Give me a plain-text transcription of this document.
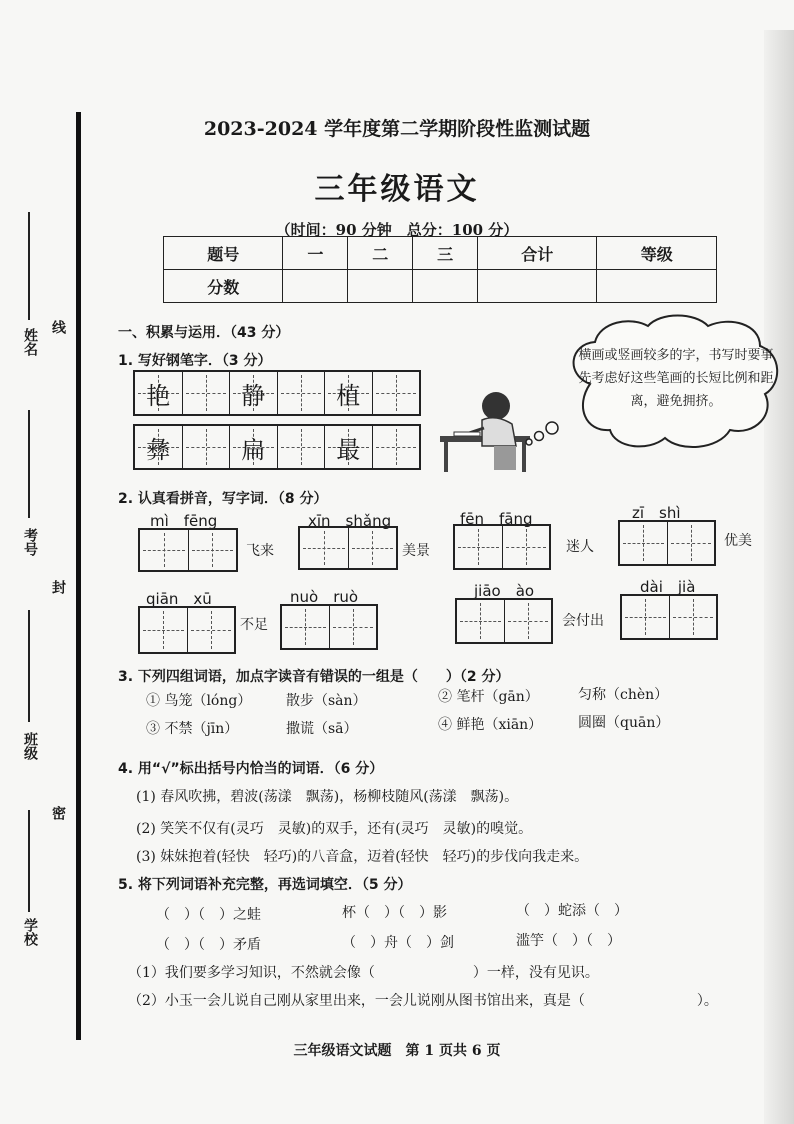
姓名
线
考号
封
班级
密
学校
2023-2024 学年度第二学期阶段性监测试题
三年级语文
（时间：90 分钟　总分：100 分）
题号	一	二	三	合计	等级
分数					
一、积累与运用．（43 分）
1. 写好钢笔字．（3 分）
艳	静	植
彝	扁	最
横画或竖画较多的字，书写时要事先考虑好这些笔画的长短比例和距离，避免拥挤。
2. 认真看拼音，写字词．（8 分）
mì　fēng
飞来
xīn　shǎng
美景
fēn　fāng
迷人
zī　shì
优美
qiān　xū
不足
nuò　ruò	jiāo　ào
会付出
dài　jià
3. 下列四组词语，加点字读音有错误的一组是（　　）（2 分）
① 鸟笼（lóng） 散步（sàn）	② 笔杆（gān）	匀称（chèn）
③ 不禁（jīn）	撒谎（sā）	④ 鲜艳（xiān）	圆圈（quān）
4. 用“√”标出括号内恰当的词语．（6 分）
(1) 春风吹拂，碧波(荡漾　飘荡)，杨柳枝随风(荡漾　飘荡)。
(2) 笑笑不仅有(灵巧　灵敏)的双手，还有(灵巧　灵敏)的嗅觉。
(3) 妹妹抱着(轻快　轻巧)的八音盒，迈着(轻快　轻巧)的步伐向我走来。
5. 将下列词语补充完整，再选词填空．（5 分）
（　）（　）之蛙	杯（　）（　）影	（　）蛇添（　）
（　）（　）矛盾	（　）舟（　）剑	滥竽（　）（　）
（1）我们要多学习知识，不然就会像（　　　　　　　）一样，没有见识。
（2）小玉一会儿说自己刚从家里出来，一会儿说刚从图书馆出来，真是（　　　　　　　　）。
三年级语文试题　第 1 页共 6 页
